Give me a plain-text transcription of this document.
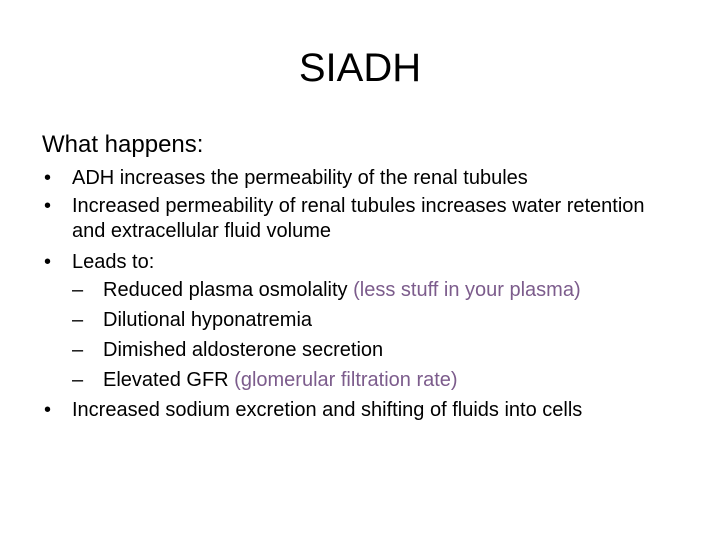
SIADH
What happens:
• ADH increases the permeability of the renal tubules
• Increased permeability of renal tubules increases water retention and extracellular fluid volume
• Leads to:
– Reduced plasma osmolality (less stuff in your plasma)
– Dilutional hyponatremia
– Dimished aldosterone secretion
– Elevated GFR (glomerular filtration rate)
• Increased sodium excretion and shifting of fluids into cells
